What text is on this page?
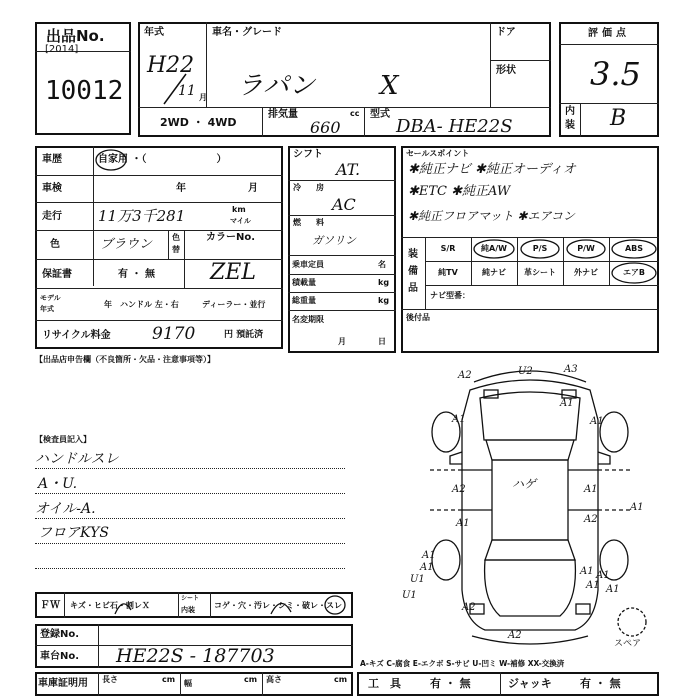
出品No.
[2014]
10012
年式
H22
11 月
車名・グレード
ラパン X
ドア
形状
2WD ・ 4WD
排気量
660
cc 型式
DBA- HE22S
評価点
3.5
内
装 B
車歴	自家用 ・（　　　　　　　）
車検	年	月
走行 11万3千281	km
マイル
色	ブラウン 色
替
カラーNo.
ZEL
保証書	有 ・ 無
モデル
年式	年 ハンドル 左・右	ディーラー・並行
リサイクル料金 9170	円 預託済
シフト
AT.
冷 房
AC
燃 料
ガソリン
乗車定員	名
積載量	kg
総重量	kg
名変期限
月	日
セールスポイント
✱純正ナビ ✱純正オーディオ
✱ETC ✱純正AW
✱純正フロアマット ✱エアコン
装
備
品
S/R	純A/W	P/S	P/W	ABS
純TV	純ナビ	革シート	外ナビ	エアB
ナビ型番：
後付品
【出品店申告欄（不良箇所・欠品・注意事項等）】
【検査員記入】
ハンドルスレ
A・U.
オイル-A.
フロアKYS
A2	U2	A3
A1	A1
A1
A2	A1
A1	A2
A1
A1
U1
A1
A1
A1
U1
A2
A1
A1
A2
ハゲ
スペア
ＦＷ キズ・ヒビ石・割レＸ
シート
内装 コゲ・穴・汚レ・シミ・破レ・スレ
登録No.
車台No. HE22S - 187703
車庫証明用 長さ	cm 幅	cm 高さ	cm
A-キズ C-腐食 E-エクボ S-サビ U-凹ミ W-補修 XX-交換済
工　具	有 ・ 無	ジャッキ	有 ・ 無
